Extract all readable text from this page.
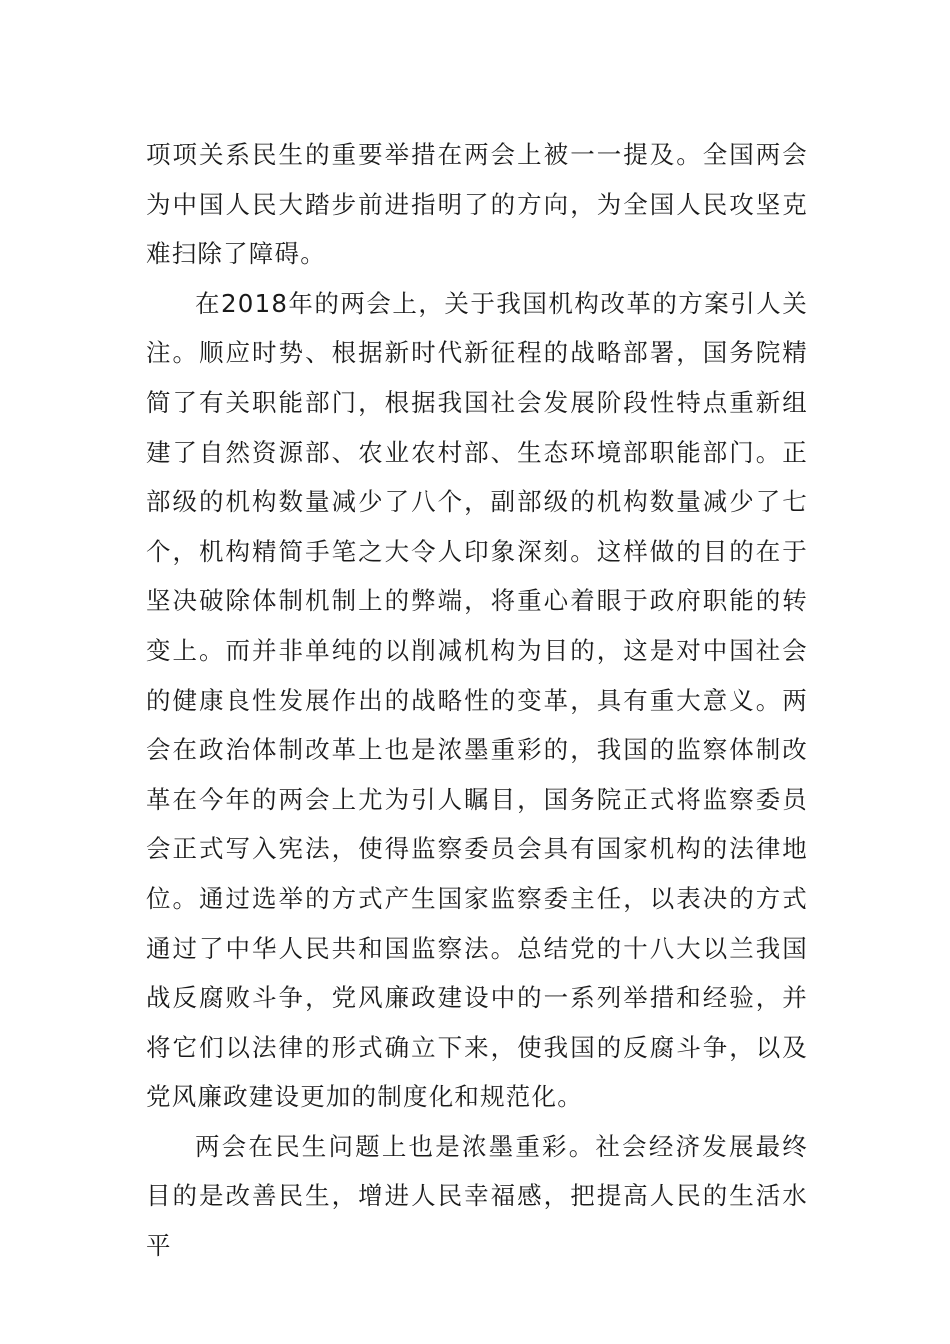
项项关系民生的重要举措在两会上被一一提及。全国两会为中国人民大踏步前进指明了的方向，为全国人民攻坚克难扫除了障碍。

在2018年的两会上，关于我国机构改革的方案引人关注。顺应时势、根据新时代新征程的战略部署，国务院精简了有关职能部门，根据我国社会发展阶段性特点重新组建了自然资源部、农业农村部、生态环境部职能部门。正部级的机构数量减少了八个，副部级的机构数量减少了七个，机构精简手笔之大令人印象深刻。这样做的目的在于坚决破除体制机制上的弊端，将重心着眼于政府职能的转变上。而并非单纯的以削减机构为目的，这是对中国社会的健康良性发展作出的战略性的变革，具有重大意义。两会在政治体制改革上也是浓墨重彩的，我国的监察体制改革在今年的两会上尤为引人瞩目，国务院正式将监察委员会正式写入宪法，使得监察委员会具有国家机构的法律地位。通过选举的方式产生国家监察委主任，以表决的方式通过了中华人民共和国监察法。总结党的十八大以兰我国战反腐败斗争，党风廉政建设中的一系列举措和经验，并将它们以法律的形式确立下来，使我国的反腐斗争，以及党风廉政建设更加的制度化和规范化。

两会在民生问题上也是浓墨重彩。社会经济发展最终目的是改善民生，增进人民幸福感，把提高人民的生活水平
